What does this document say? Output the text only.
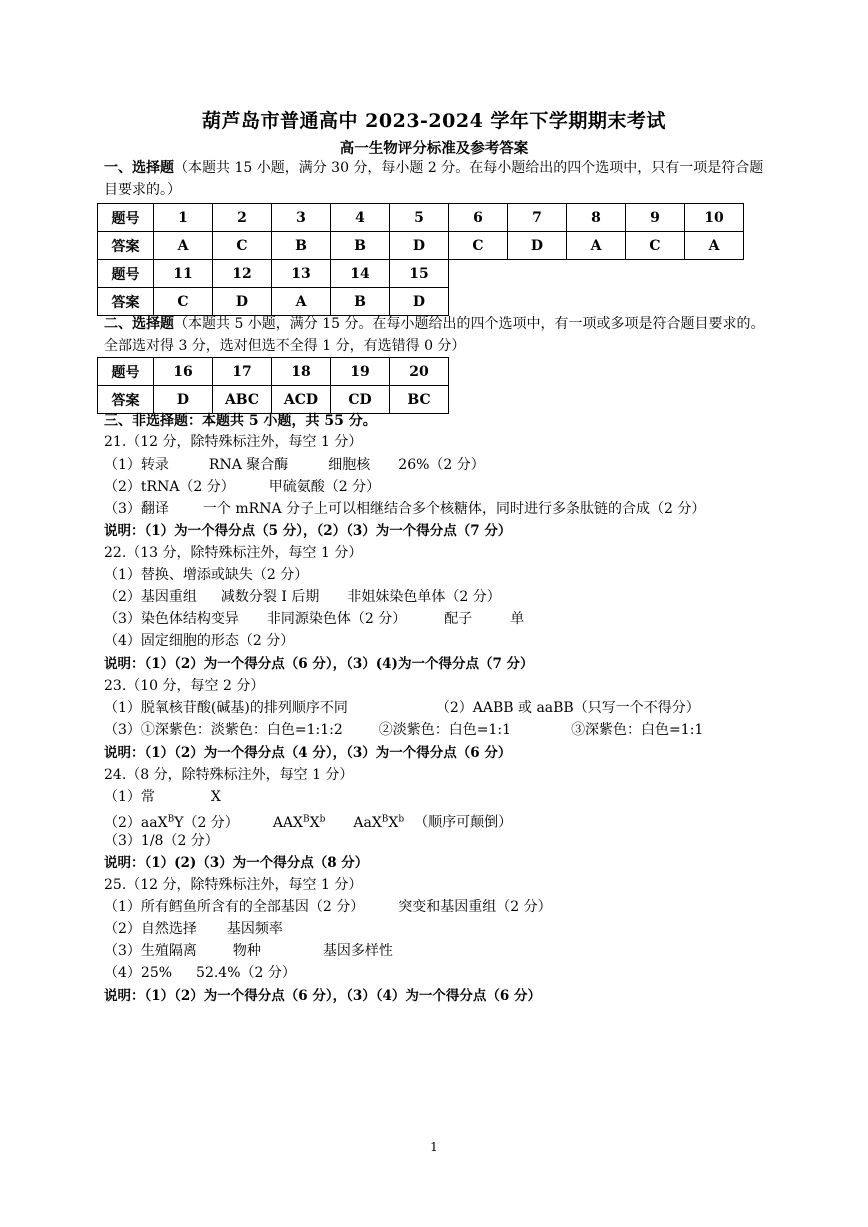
葫芦岛市普通高中 2023-2024 学年下学期期末考试
高一生物评分标准及参考答案
一、选择题（本题共 15 小题，满分 30 分，每小题 2 分。在每小题给出的四个选项中，只有一项是符合题目要求的。）
题号	1	2	3	4	5	6	7	8	9	10
答案	A	C	B	B	D	C	D	A	C	A
题号	11	12	13	14	15
答案	C	D	A	B	D
二、选择题（本题共 5 小题，满分 15 分。在每小题给出的四个选项中，有一项或多项是符合题目要求的。全部选对得 3 分，选对但选不全得 1 分，有选错得 0 分）
题号	16	17	18	19	20
答案	D	ABC	ACD	CD	BC
三、非选择题：本题共 5 小题，共 55 分。
21.（12 分，除特殊标注外，每空 1 分）
（1）转录	RNA 聚合酶	细胞核 26%（2 分）
（2）tRNA（2 分） 甲硫氨酸（2 分）
（3）翻译 一个 mRNA 分子上可以相继结合多个核糖体，同时进行多条肽链的合成（2 分）
说明：（1）为一个得分点（5 分），（2）（3）为一个得分点（7 分）
22.（13 分，除特殊标注外，每空 1 分）
（1）替换、增添或缺失（2 分）
（2）基因重组 减数分裂 I 后期 非姐妹染色单体（2 分）
（3）染色体结构变异 非同源染色体（2 分）	配子	单
（4）固定细胞的形态（2 分）
说明：（1）（2）为一个得分点（6 分），（3）(4)为一个得分点（7 分）
23.（10 分，每空 2 分）
（1）脱氧核苷酸(碱基)的排列顺序不同	（2）AABB 或 aaBB（只写一个不得分）
（3）①深紫色：淡紫色：白色=1:1:2	②淡紫色：白色=1:1	③深紫色：白色=1:1
说明：（1）（2）为一个得分点（4 分），（3）为一个得分点（6 分）
24.（8 分，除特殊标注外，每空 1 分）
（1）常	X
（2）aaX$^B$Y（2 分） $AAX^BX^b$ $AaX^BX^b$ （顺序可颠倒）
（3）1/8（2 分）
说明：（1）(2)（3）为一个得分点（8 分）
25.（12 分，除特殊标注外，每空 1 分）
（1）所有鳕鱼所含有的全部基因（2 分） 突变和基因重组（2 分）
（2）自然选择 基因频率
（3）生殖隔离	物种	基因多样性
（4）25% 52.4%（2 分）
说明：（1）（2）为一个得分点（6 分），（3）（4）为一个得分点（6 分）
1
